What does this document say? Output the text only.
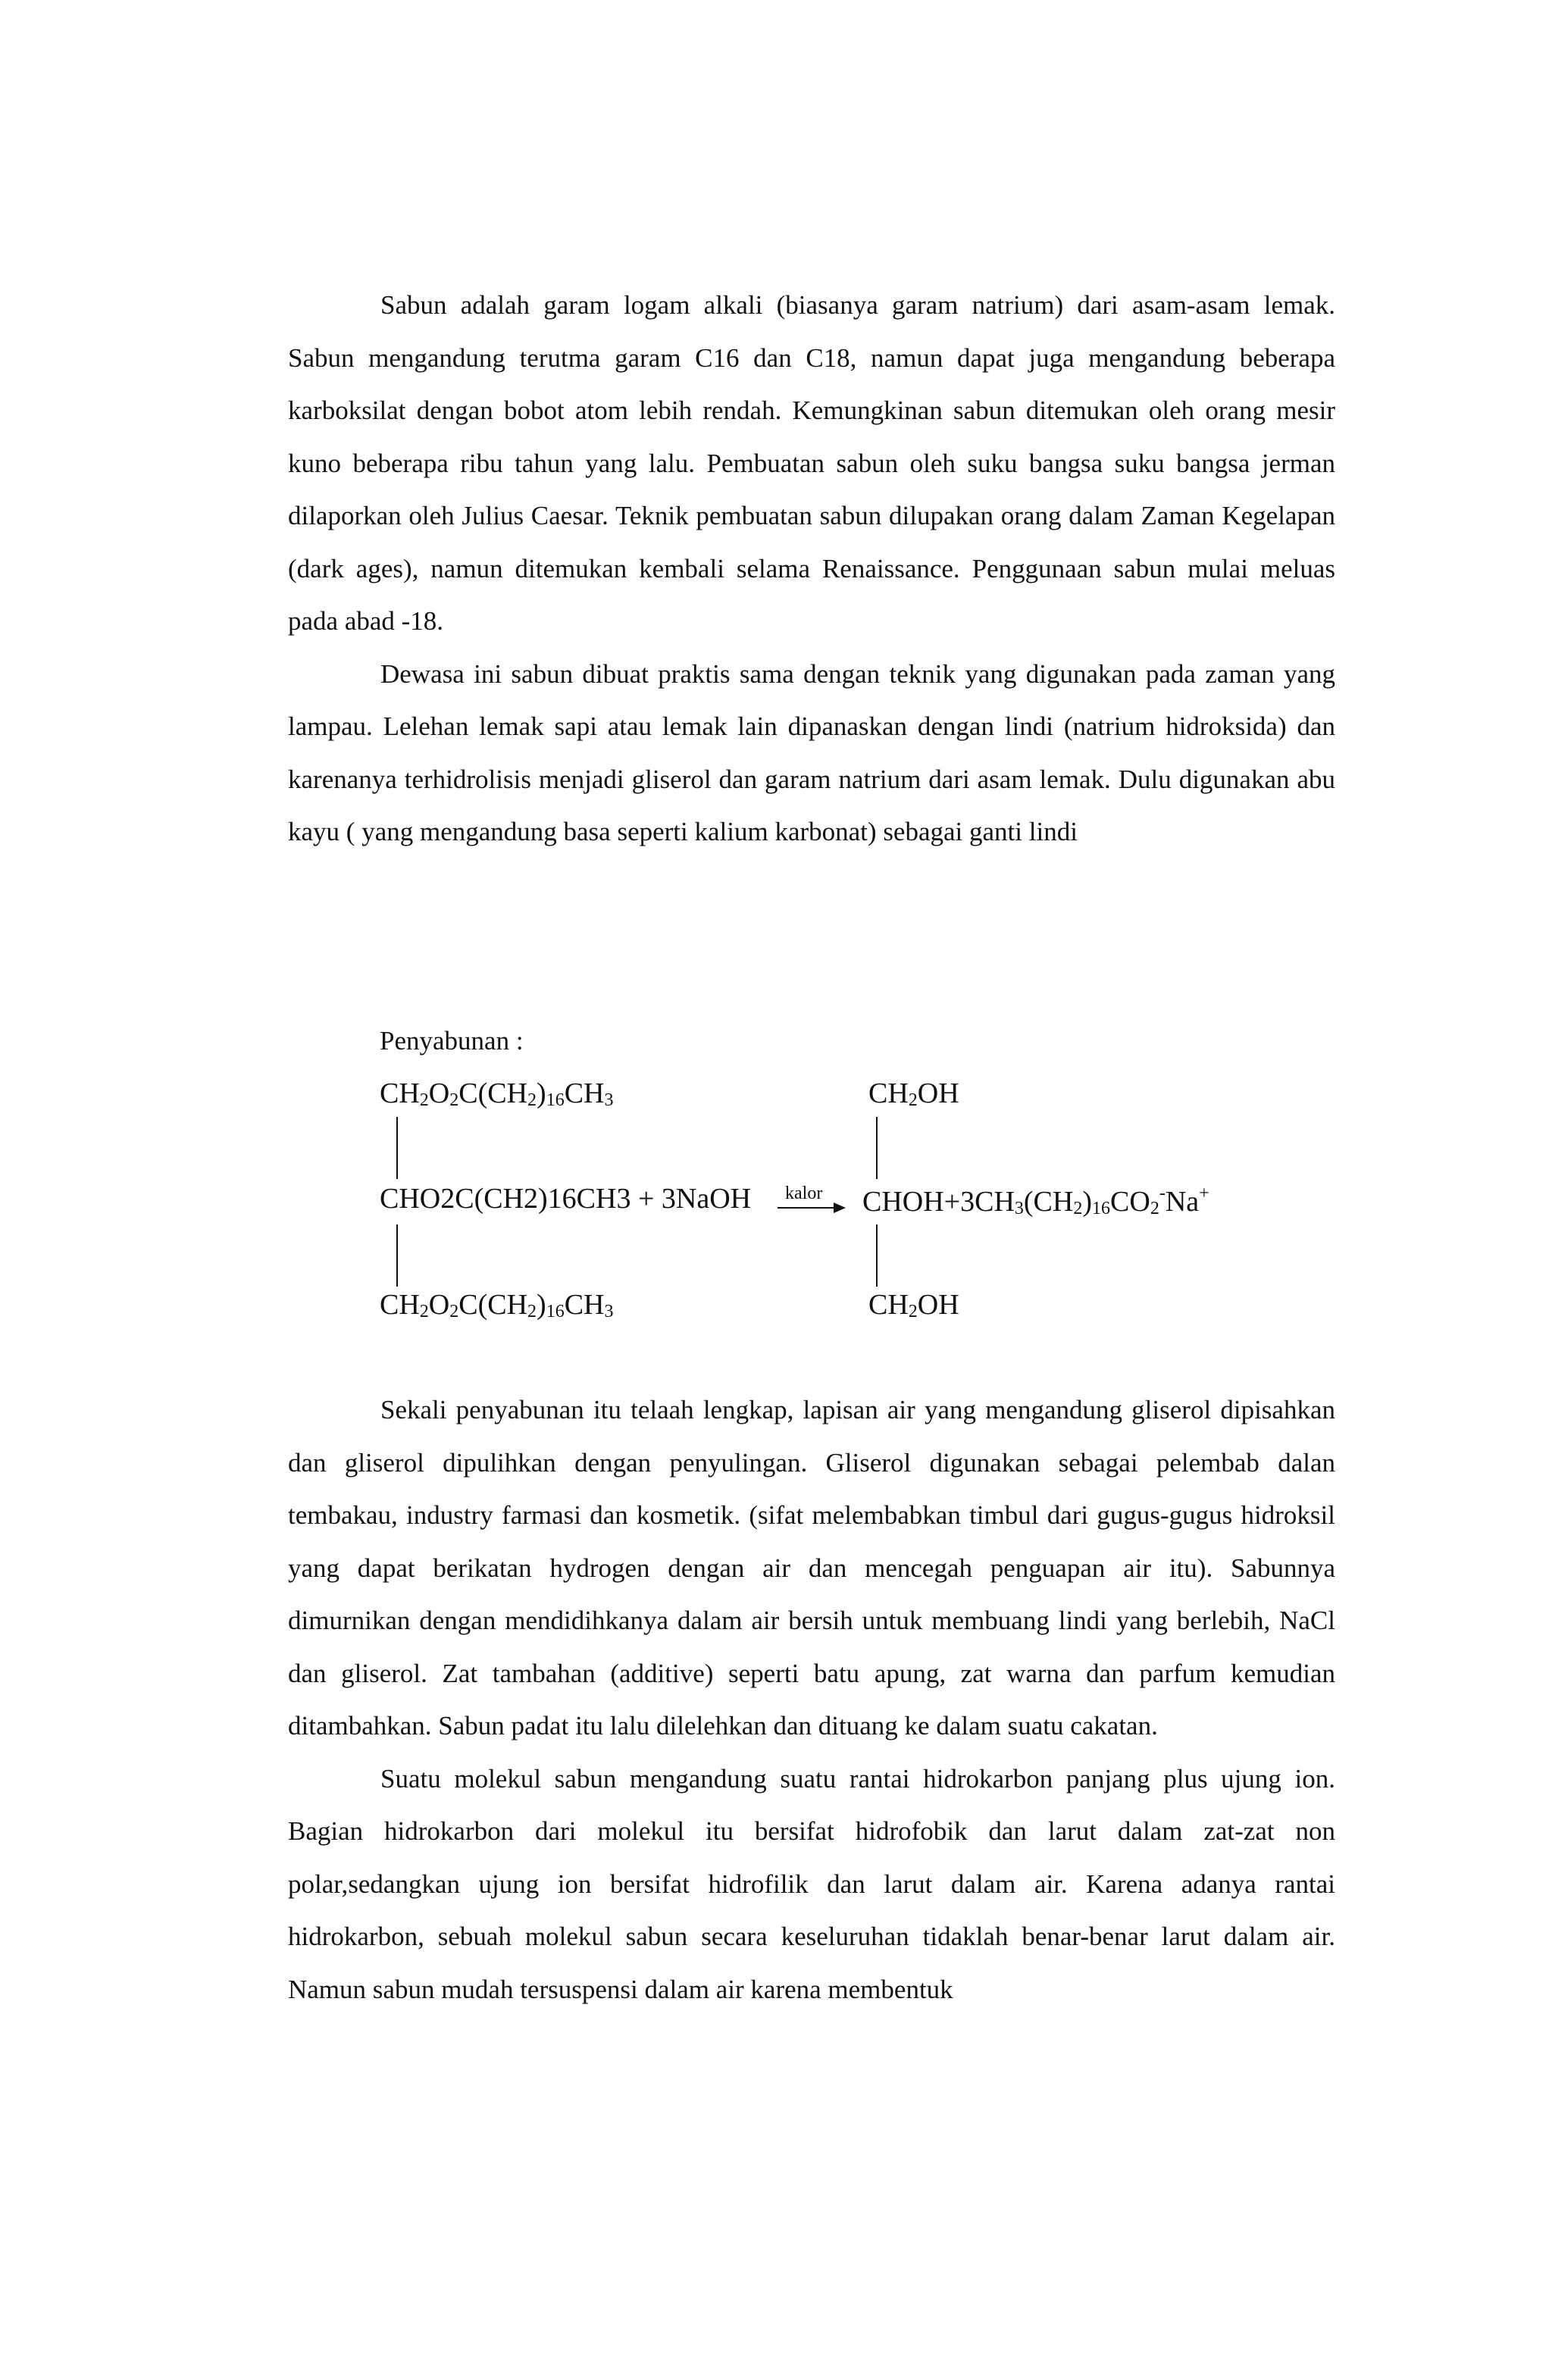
Sabun adalah garam logam alkali (biasanya garam natrium) dari asam-asam lemak. Sabun mengandung terutma garam C16 dan C18, namun dapat juga mengandung beberapa karboksilat dengan bobot atom lebih rendah. Kemungkinan sabun ditemukan oleh orang mesir kuno beberapa ribu tahun yang lalu. Pembuatan sabun oleh suku bangsa suku bangsa jerman dilaporkan oleh Julius Caesar. Teknik pembuatan sabun dilupakan orang dalam Zaman Kegelapan (dark ages), namun ditemukan kembali selama Renaissance. Penggunaan sabun mulai meluas pada abad -18.

Dewasa ini sabun dibuat praktis sama dengan teknik yang digunakan pada zaman yang lampau. Lelehan lemak sapi atau lemak lain dipanaskan dengan lindi (natrium hidroksida) dan karenanya terhidrolisis menjadi gliserol dan garam natrium dari asam lemak. Dulu digunakan abu kayu ( yang mengandung basa seperti kalium karbonat) sebagai ganti lindi

Penyabunan :
$CH_2O_2C(CH_2)_{16}CH_3$
CHO2C(CH2)16CH3 + 3NaOH kalor $CHOH+3CH_3(CH_2)_{16}CO_2^-Na^+$
$CH_2O_2C(CH_2)_{16}CH_3$
$CH_2OH$
$CH_2OH$

Sekali penyabunan itu telaah lengkap, lapisan air yang mengandung gliserol dipisahkan dan gliserol dipulihkan dengan penyulingan. Gliserol digunakan sebagai pelembab dalan tembakau, industry farmasi dan kosmetik. (sifat melembabkan timbul dari gugus-gugus hidroksil yang dapat berikatan hydrogen dengan air dan mencegah penguapan air itu). Sabunnya dimurnikan dengan mendidihkanya dalam air bersih untuk membuang lindi yang berlebih, NaCl dan gliserol. Zat tambahan (additive) seperti batu apung, zat warna dan parfum kemudian ditambahkan. Sabun padat itu lalu dilelehkan dan dituang ke dalam suatu cakatan.

Suatu molekul sabun mengandung suatu rantai hidrokarbon panjang plus ujung ion. Bagian hidrokarbon dari molekul itu bersifat hidrofobik dan larut dalam zat-zat non polar,sedangkan ujung ion bersifat hidrofilik dan larut dalam air. Karena adanya rantai hidrokarbon, sebuah molekul sabun secara keseluruhan tidaklah benar-benar larut dalam air. Namun sabun mudah tersuspensi dalam air karena membentuk
